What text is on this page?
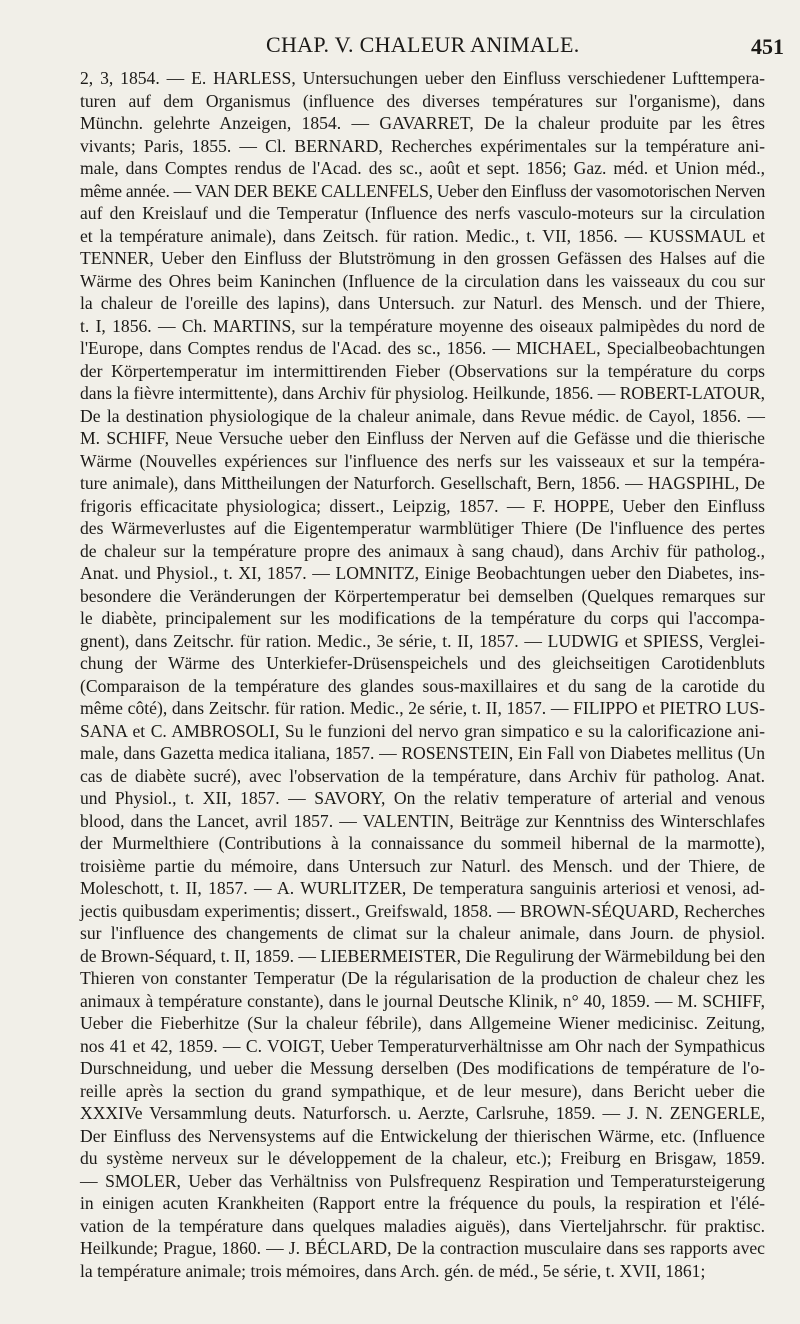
CHAP. V. CHALEUR ANIMALE.	451
2, 3, 1854. — E. HARLESS, Untersuchungen ueber den Einfluss verschiedener Lufttempera-
turen auf dem Organismus (influence des diverses températures sur l'organisme), dans
Münchn. gelehrte Anzeigen, 1854. — GAVARRET, De la chaleur produite par les êtres
vivants; Paris, 1855. — Cl. BERNARD, Recherches expérimentales sur la température ani-
male, dans Comptes rendus de l'Acad. des sc., août et sept. 1856; Gaz. méd. et Union méd.,
même année. — VAN DER BEKE CALLENFELS, Ueber den Einfluss der vasomotorischen Nerven
auf den Kreislauf und die Temperatur (Influence des nerfs vasculo-moteurs sur la circulation
et la température animale), dans Zeitsch. für ration. Medic., t. VII, 1856. — KUSSMAUL et
TENNER, Ueber den Einfluss der Blutströmung in den grossen Gefässen des Halses auf die
Wärme des Ohres beim Kaninchen (Influence de la circulation dans les vaisseaux du cou sur
la chaleur de l'oreille des lapins), dans Untersuch. zur Naturl. des Mensch. und der Thiere,
t. I, 1856. — Ch. MARTINS, sur la température moyenne des oiseaux palmipèdes du nord de
l'Europe, dans Comptes rendus de l'Acad. des sc., 1856. — MICHAEL, Specialbeobachtungen
der Körpertemperatur im intermittirenden Fieber (Observations sur la température du corps
dans la fièvre intermittente), dans Archiv für physiolog. Heilkunde, 1856. — ROBERT-LATOUR,
De la destination physiologique de la chaleur animale, dans Revue médic. de Cayol, 1856. —
M. SCHIFF, Neue Versuche ueber den Einfluss der Nerven auf die Gefässe und die thierische
Wärme (Nouvelles expériences sur l'influence des nerfs sur les vaisseaux et sur la tempéra-
ture animale), dans Mittheilungen der Naturforch. Gesellschaft, Bern, 1856. — HAGSPIHL, De
frigoris efficacitate physiologica; dissert., Leipzig, 1857. — F. HOPPE, Ueber den Einfluss
des Wärmeverlustes auf die Eigentemperatur warmblütiger Thiere (De l'influence des pertes
de chaleur sur la température propre des animaux à sang chaud), dans Archiv für patholog.,
Anat. und Physiol., t. XI, 1857. — LOMNITZ, Einige Beobachtungen ueber den Diabetes, ins-
besondere die Veränderungen der Körpertemperatur bei demselben (Quelques remarques sur
le diabète, principalement sur les modifications de la température du corps qui l'accompa-
gnent), dans Zeitschr. für ration. Medic., 3e série, t. II, 1857. — LUDWIG et SPIESS, Verglei-
chung der Wärme des Unterkiefer-Drüsenspeichels und des gleichseitigen Carotidenbluts
(Comparaison de la température des glandes sous-maxillaires et du sang de la carotide du
même côté), dans Zeitschr. für ration. Medic., 2e série, t. II, 1857. — FILIPPO et PIETRO LUS-
SANA et C. AMBROSOLI, Su le funzioni del nervo gran simpatico e su la calorificazione ani-
male, dans Gazetta medica italiana, 1857. — ROSENSTEIN, Ein Fall von Diabetes mellitus (Un
cas de diabète sucré), avec l'observation de la température, dans Archiv für patholog. Anat.
und Physiol., t. XII, 1857. — SAVORY, On the relativ temperature of arterial and venous
blood, dans the Lancet, avril 1857. — VALENTIN, Beiträge zur Kenntniss des Winterschlafes
der Murmelthiere (Contributions à la connaissance du sommeil hibernal de la marmotte),
troisième partie du mémoire, dans Untersuch zur Naturl. des Mensch. und der Thiere, de
Moleschott, t. II, 1857. — A. WURLITZER, De temperatura sanguinis arteriosi et venosi, ad-
jectis quibusdam experimentis; dissert., Greifswald, 1858. — BROWN-SÉQUARD, Recherches
sur l'influence des changements de climat sur la chaleur animale, dans Journ. de physiol.
de Brown-Séquard, t. II, 1859. — LIEBERMEISTER, Die Regulirung der Wärmebildung bei den
Thieren von constanter Temperatur (De la régularisation de la production de chaleur chez les
animaux à température constante), dans le journal Deutsche Klinik, n° 40, 1859. — M. SCHIFF,
Ueber die Fieberhitze (Sur la chaleur fébrile), dans Allgemeine Wiener medicinisc. Zeitung,
nos 41 et 42, 1859. — C. VOIGT, Ueber Temperaturverhältnisse am Ohr nach der Sympathicus
Durschneidung, und ueber die Messung derselben (Des modifications de température de l'o-
reille après la section du grand sympathique, et de leur mesure), dans Bericht ueber die
XXXIVe Versammlung deuts. Naturforsch. u. Aerzte, Carlsruhe, 1859. — J. N. ZENGERLE,
Der Einfluss des Nervensystems auf die Entwickelung der thierischen Wärme, etc. (Influence
du système nerveux sur le développement de la chaleur, etc.); Freiburg en Brisgaw, 1859.
— SMOLER, Ueber das Verhältniss von Pulsfrequenz Respiration und Temperatursteigerung
in einigen acuten Krankheiten (Rapport entre la fréquence du pouls, la respiration et l'élé-
vation de la température dans quelques maladies aiguës), dans Vierteljahrschr. für praktisc.
Heilkunde; Prague, 1860. — J. BÉCLARD, De la contraction musculaire dans ses rapports avec
la température animale; trois mémoires, dans Arch. gén. de méd., 5e série, t. XVII, 1861;
